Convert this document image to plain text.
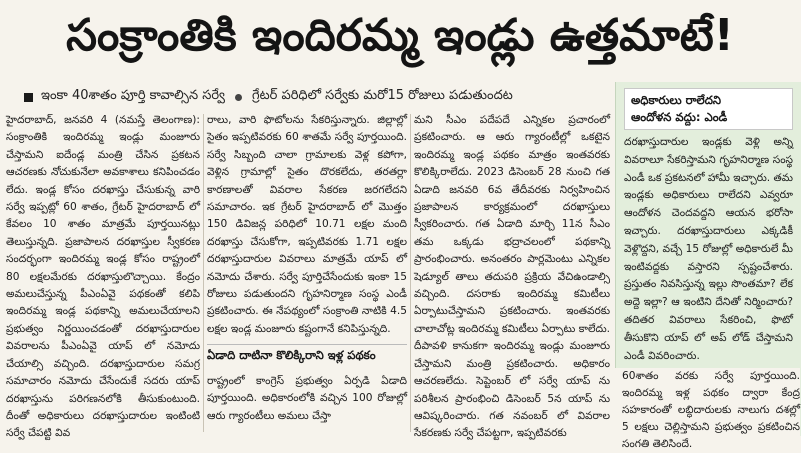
సంక్రాంతికి ఇందిరమ్మ ఇండ్లు ఉత్తమాటే!
ఇంకా 40శాతం పూర్తి కావాల్సిన సర్వే గ్రేటర్ పరిధిలో సర్వేకు మరో15 రోజులు పడుతుందట

హైదరాబాద్, జనవరి 4 (నమస్తే తెలంగాణ): సంక్రాంతికి ఇందిరమ్మ ఇండ్లు మంజూరు చేస్తామని ఐదేండ్ల మంత్రి చేసిన ప్రకటన ఆచరణకు నోచుకునేలా అవకాశాలు కనిపించడం లేదు. ఇండ్ల కోసం దరఖాస్తు చేసుకున్న వారి సర్వే ఇప్పట్లో 60 శాతం, గ్రేటర్ హైదరాబాద్ లో కేవలం 10 శాతం మాత్రమే పూర్తయినట్లు తెలుస్తున్నది. ప్రజాపాలన దరఖాస్తుల స్వీకరణ సందర్భంగా ఇందిరమ్మ ఇండ్ల కోసం రాష్ట్రంలో 80 లక్షలమేరకు దరఖాస్తులొచ్చాయి. కేంద్రం అమలుచేస్తున్న పీఎంఏవై పథకంతో కలిపి ఇందిరమ్మ ఇండ్ల పథకాన్ని అమలుచేయాలని ప్రభుత్వం నిర్ణయించడంతో దరఖాస్తుదారుల వివరాలను పీఎంఏవై యాప్ లో నమోదు చేయాల్సి వచ్చింది. దరఖాస్తుదారుల సమగ్ర సమాచారం నమోదు చేసేందుకే సదరు యాప్ దరఖాస్తును పరిగణనలోకి తీసుకుంటుంది. దీంతో అధికారులు దరఖాస్తుదారుల ఇంటింటి సర్వే చేపట్టి వివ

రాలు, వారి ఫొటోలను సేకరిస్తున్నారు. జిల్లాల్లో సైతం ఇప్పటివరకు 60 శాతమే సర్వే పూర్తయింది. సర్వే సిబ్బంది చాలా గ్రామాలకు వెళ్ల కపోగా, వెళ్లిన గ్రామాల్లో సైతం దొరకలేదు, తరతర్లా కారణాలతో వివరాల సేకరణ జరగలేదని సమాచారం. ఇక గ్రేటర్ హైదరాబాద్ లో మొత్తం 150 డివిజన్ల పరిధిలో 10.71 లక్షల మంది దరఖాస్తు చేసుకోగా, ఇప్పటివరకు 1.71 లక్షల దరఖాస్తుదారుల వివరాలు మాత్రమే యాప్ లో నమోదు చేశారు. సర్వే పూర్తిచేసేందుకు ఇంకా 15 రోజులు పడుతుందని గృహనిర్మాణ సంస్థ ఎండీ ప్రకటించారు. ఈ నేపథ్యంలో సంక్రాంతి నాటికి 4.5 లక్షల ఇండ్ల మంజూరు కష్టంగానే కనిపిస్తున్నది.

ఏడాది దాటినా కొలిక్కిరాని ఇళ్ల పథకం

రాష్ట్రంలో కాంగ్రెస్ ప్రభుత్వం ఏర్పడి ఏడాది పూర్తయింది. అధికారంలోకి వచ్చిన 100 రోజుల్లో ఆరు గ్యారంటీలు అమలు చేస్తా

మని సీఎం పదేపదే ఎన్నికల ప్రచారంలో ప్రకటించారు. ఆ ఆరు గ్యారంటీల్లో ఒకటైన ఇందిరమ్మ ఇండ్ల పథకం మాత్రం ఇంతవరకు కొలిక్కిరాలేదు. 2023 డిసెంబర్ 28 నుంచి గత ఏడాది జనవరి 6వ తేదీవరకు నిర్వహించిన ప్రజాపాలన కార్యక్రమంలో దరఖాస్తులు స్వీకరించారు. గత ఏడాది మార్చి 11న సీఎం తమ ఒక్కడు భద్రాచలంలో పథకాన్ని ప్రారంభించారు. అనంతరం పార్లమెంటు ఎన్నికల షెడ్యూల్ తాలు తదుపరి ప్రక్రియ వేచిఉండాల్సి వచ్చింది. దసరాకు ఇందిరమ్మ కమిటీలు ఏర్పాటుచేస్తామని ప్రకటించారు. ఇంతవరకు చాలాచోట్ల ఇందిరమ్మ కమిటీలు ఏర్పాటు కాలేదు. దీపావళి కానుకగా ఇందిరమ్మ ఇండ్లు మంజూరు చేస్తామని మంత్రి ప్రకటించారు. అధికారం ఆచరణలేదు. సెప్టెంబర్ లో సర్వే యాప్ ను పరిశీలన ప్రారంభించి డిసెంబర్ 5న యాప్ ను ఆవిష్కరించారు. గత నవంబర్ లో వివరాల సేకరణకు సర్వే చేపట్టగా, ఇప్పటివరకు

అధికారులు రాలేదని
ఆందోళన వద్దు: ఎండీ

దరఖాస్తుదారుల ఇండ్లకు వెళ్లి అన్ని వివరాలూ సేకరిస్తామని గృహనిర్మాణ సంస్థ ఎండీ ఒక ప్రకటనలో హామీ ఇచ్చారు. తమ ఇండ్లకు అధికారులు రాలేదని ఎవ్వరూ ఆందోళన చెందవద్దని ఆయన భరోసా ఇచ్చారు. దరఖాస్తుదారులు ఎక్కడికీ వెళ్లొద్దని, వచ్చే 15 రోజుల్లో అధికారులే మీ ఇంటివద్దకు వస్తారని స్పష్టంచేశారు. ప్రస్తుతం నివసిస్తున్న ఇల్లు సొంతమా? లేక అద్దె ఇల్లా? ఆ ఇంటిని దేనితో నిర్మించారు? తదితర వివరాలు సేకరించి, ఫొటో తీసుకొని యాప్ లో అప్ లోడ్ చేస్తామని ఎండీ వివరించారు.

60శాతం వరకు సర్వే పూర్తయింది. ఇందిరమ్మ ఇళ్ల పథకం ద్వారా కేంద్ర సహకారంతో లబ్ధిదారులకు నాలుగు దశల్లో 5 లక్షలు చెల్లిస్తామని ప్రభుత్వం ప్రకటించిన సంగతి తెలిసిందే.
